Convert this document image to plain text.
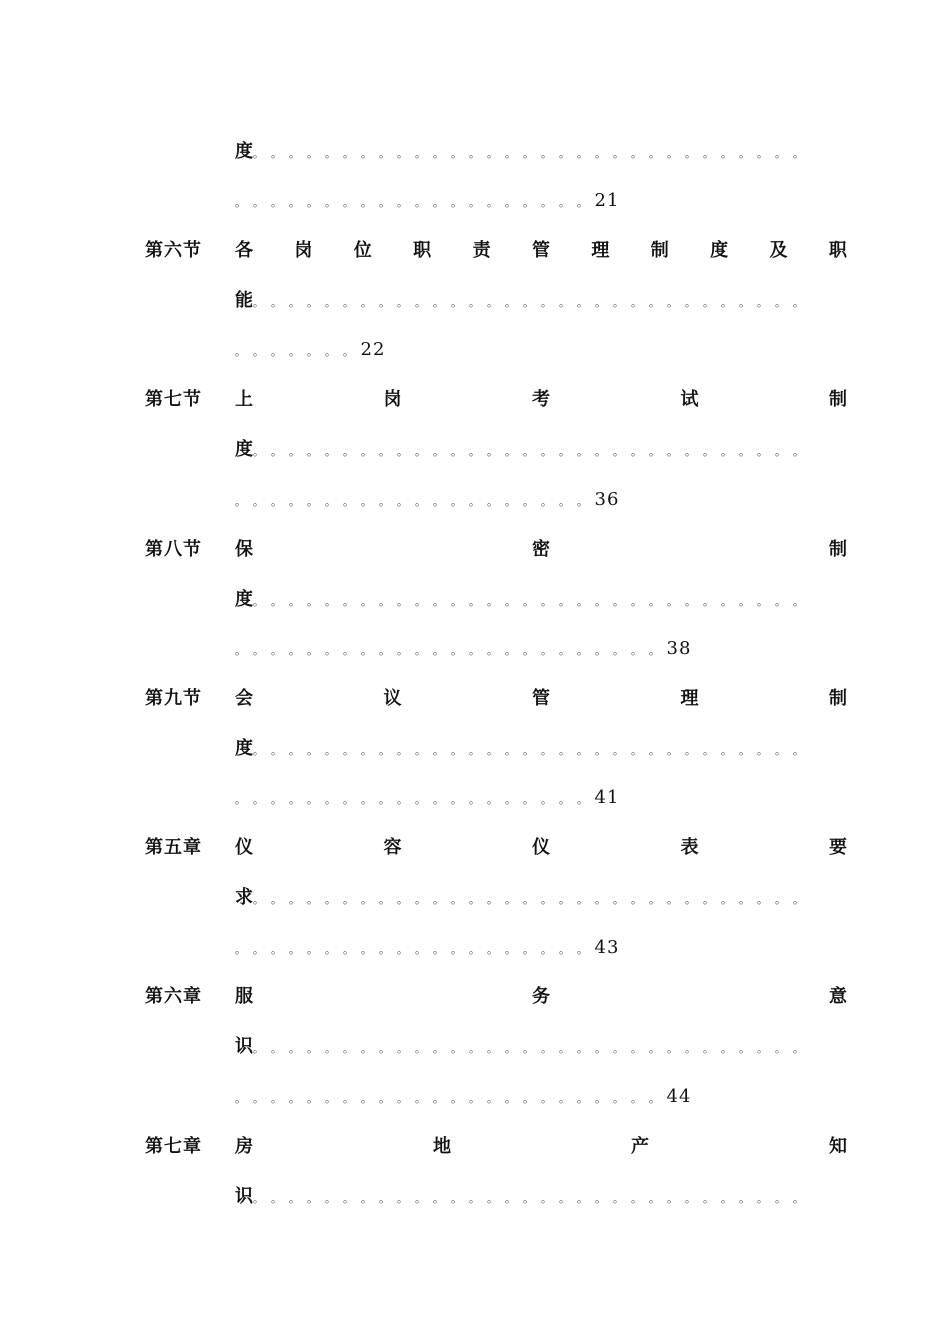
度。。。。。。。。。。。。。。。。。。。。。。。。。。。。。。。
。。。。。。。。。。。。。。。。。。。。21
第六节	各 岗 位 职 责 管 理 制 度 及 职
能。。。。。。。。。。。。。。。。。。。。。。。。。。。。。。。
。。。。。。。22
第七节	上	岗	考	试	制
度。。。。。。。。。。。。。。。。。。。。。。。。。。。。。。。
。。。。。。。。。。。。。。。。。。。。36
第八节	保	密	制
度。。。。。。。。。。。。。。。。。。。。。。。。。。。。。。。
。。。。。。。。。。。。。。。。。。。。。。。。38
第九节	会	议	管	理	制
度。。。。。。。。。。。。。。。。。。。。。。。。。。。。。。。
。。。。。。。。。。。。。。。。。。。。41
第五章	仪	容	仪	表	要
求。。。。。。。。。。。。。。。。。。。。。。。。。。。。。。。
。。。。。。。。。。。。。。。。。。。。43
第六章	服	务	意
识。。。。。。。。。。。。。。。。。。。。。。。。。。。。。。。
。。。。。。。。。。。。。。。。。。。。。。。。44
第七章	房	地	产	知
识。。。。。。。。。。。。。。。。。。。。。。。。。。。。。。。
